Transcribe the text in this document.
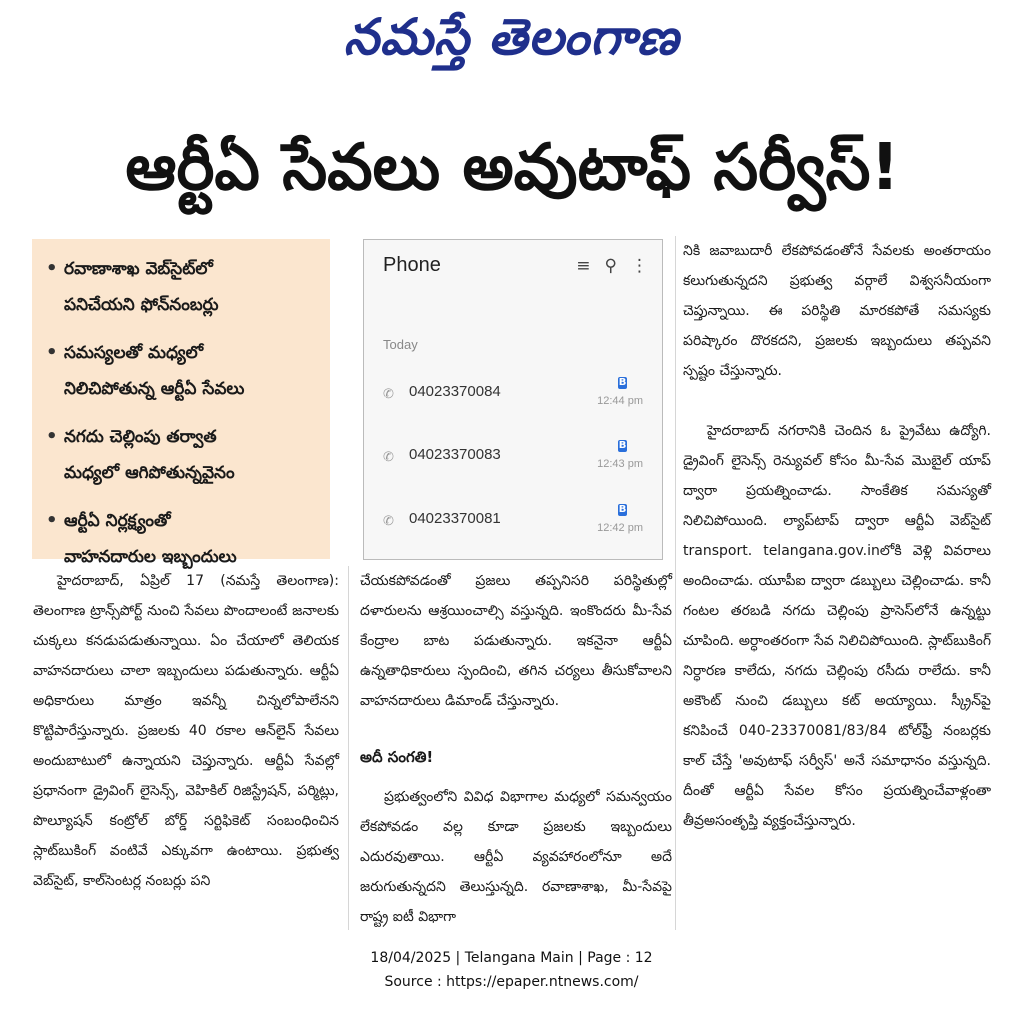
నమస్తే తెలంగాణ
ఆర్టీఏ సేవలు అవుటాఫ్ సర్వీస్!
• రవాణాశాఖ వెబ్‌సైట్‌లో
పనిచేయని ఫోన్‌నంబర్లు
• సమస్యలతో మధ్యలో
నిలిచిపోతున్న ఆర్టీఏ సేవలు
• నగదు చెల్లింపు తర్వాత
మధ్యలో ఆగిపోతున్నవైనం
• ఆర్టీఏ నిర్లక్ష్యంతో
వాహనదారుల ఇబ్బందులు
Phone	≡ ⚲ ⋮
Today
✆ 04023370084
B
12:44 pm
✆ 04023370083
B
12:43 pm
✆ 04023370081
B
12:42 pm

హైదరాబాద్, ఏప్రిల్ 17 (నమస్తే తెలంగాణ): తెలంగాణ ట్రాన్స్‌పోర్ట్ నుంచి సేవలు పొందాలంటే జనాలకు చుక్కలు కనడుపడుతున్నాయి. ఏం చేయాలో తెలియక వాహనదారులు చాలా ఇబ్బందులు పడుతున్నారు. ఆర్టీఏ అధికారులు మాత్రం ఇవన్నీ చిన్నలోపాలేనని కొట్టిపారేస్తున్నారు. ప్రజలకు 40 రకాల ఆన్‌లైన్ సేవలు అందుబాటులో ఉన్నాయని చెప్తున్నారు. ఆర్టీఏ సేవల్లో ప్రధానంగా డ్రైవింగ్ లైసెన్స్, వెహికిల్ రిజిస్ట్రేషన్, పర్మిట్లు, పొల్యూషన్ కంట్రోల్ బోర్డ్ సర్టిఫికెట్ సంబంధించిన స్లాట్‌బుకింగ్ వంటివే ఎక్కువగా ఉంటాయి. ప్రభుత్వ వెబ్‌సైట్, కాల్‌సెంటర్ల నంబర్లు పని

చేయకపోవడంతో ప్రజలు తప్పనిసరి పరిస్థితుల్లో దళారులను ఆశ్రయించాల్సి వస్తున్నది. ఇంకొందరు మీ-సేవ కేంద్రాల బాట పడుతున్నారు. ఇకనైనా ఆర్టీఏ ఉన్నతాధికారులు స్పందించి, తగిన చర్యలు తీసుకోవాలని వాహనదారులు డిమాండ్ చేస్తున్నారు.

అదీ సంగతి!

ప్రభుత్వంలోని వివిధ విభాగాల మధ్యలో సమన్వయం లేకపోవడం వల్ల కూడా ప్రజలకు ఇబ్బందులు ఎదురవుతాయి. ఆర్టీఏ వ్యవహారంలోనూ అదే జరుగుతున్నదని తెలుస్తున్నది. రవాణాశాఖ, మీ-సేవపై రాష్ట్ర ఐటీ విభాగా

నికి జవాబుదారీ లేకపోవడంతోనే సేవలకు అంతరాయం కలుగుతున్నదని ప్రభుత్వ వర్గాలే విశ్వసనీయంగా చెప్తున్నాయి. ఈ పరిస్థితి మారకపోతే సమస్యకు పరిష్కారం దొరకదని, ప్రజలకు ఇబ్బందులు తప్పవని స్పష్టం చేస్తున్నారు.

హైదరాబాద్ నగరానికి చెందిన ఓ ప్రైవేటు ఉద్యోగి. డ్రైవింగ్ లైసెన్స్ రెన్యువల్ కోసం మీ-సేవ మొబైల్ యాప్ ద్వారా ప్రయత్నించాడు. సాంకేతిక సమస్యతో నిలిచిపోయింది. ల్యాప్‌టాప్ ద్వారా ఆర్టీఏ వెబ్‌సైట్ transport. telangana.gov.inలోకి వెళ్లి వివరాలు అందించాడు. యూపీఐ ద్వారా డబ్బులు చెల్లించాడు. కానీ గంటల తరబడి నగదు చెల్లింపు ప్రాసెస్‌లోనే ఉన్నట్టు చూపింది. అర్ధాంతరంగా సేవ నిలిచిపోయింది. స్లాట్‌బుకింగ్ నిర్ధారణ కాలేదు, నగదు చెల్లింపు రసీదు రాలేదు. కానీ అకౌంట్ నుంచి డబ్బులు కట్ అయ్యాయి. స్క్రీన్‌పై కనిపించే 040-23370081/83/84 టోల్‌ఫ్రీ నంబర్లకు కాల్ చేస్తే 'అవుటాఫ్ సర్వీస్' అనే సమాధానం వస్తున్నది. దీంతో ఆర్టీఏ సేవల కోసం ప్రయత్నించేవాళ్లంతా తీవ్రఅసంతృప్తి వ్యక్తంచేస్తున్నారు.

18/04/2025 | Telangana Main | Page : 12
Source : https://epaper.ntnews.com/
